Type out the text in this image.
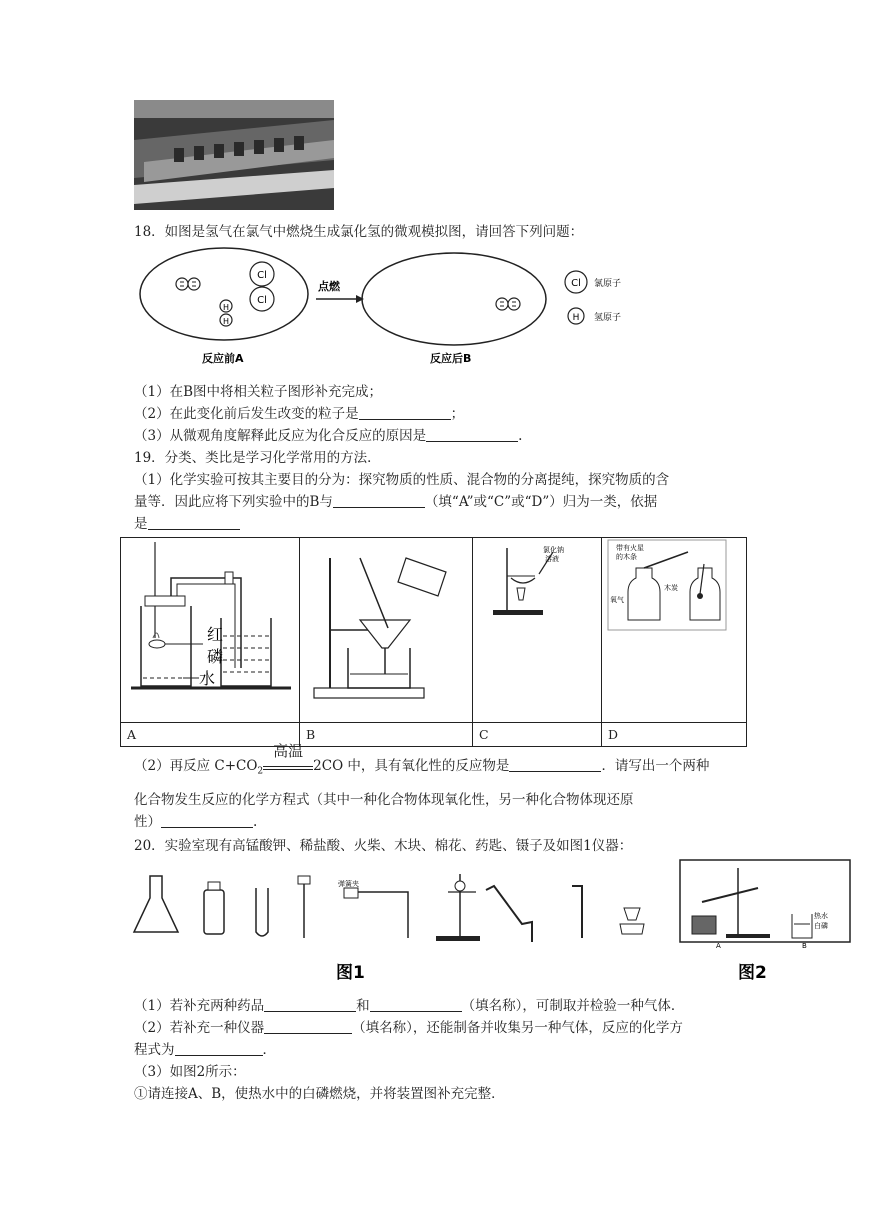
18．如图是氢气在氯气中燃烧生成氯化氢的微观模拟图，请回答下列问题：
H
H
Cl
Cl
点燃	Cl 氯原子
H 氢原子
反应前A	反应后B
（1）在B图中将相关粒子图形补充完成；
（2）在此变化前后发生改变的粒子是	；
（3）从微观角度解释此反应为化合反应的原因是	.
19．分类、类比是学习化学常用的方法．
（1）化学实验可按其主要目的分为：探究物质的性质、混合物的分离提纯，探究物质的含
量等．因此应将下列实验中的B与	（填“A”或“C”或“D”）归为一类，依据
是
红
磷
水		氯化钠
溶液	带有火星
的木条
氧气
木炭

A	B	C	D
（2）再反应 $C+CO_2$
高温
2CO 中，具有氧化性的反应物是	．请写出一个两种
化合物发生反应的化学方程式（其中一种化合物体现氧化性，另一种化合物体现还原
性）	.
20．实验室现有高锰酸钾、稀盐酸、火柴、木块、棉花、药匙、镊子及如图1仪器：
弹簧夹
图1
A	B
热水
白磷
图2
（1）若补充两种药品	和	（填名称），可制取并检验一种气体．
（2）若补充一种仪器	（填名称），还能制备并收集另一种气体，反应的化学方
程式为	．
（3）如图2所示：
①请连接A、B，使热水中的白磷燃烧，并将装置图补充完整．
